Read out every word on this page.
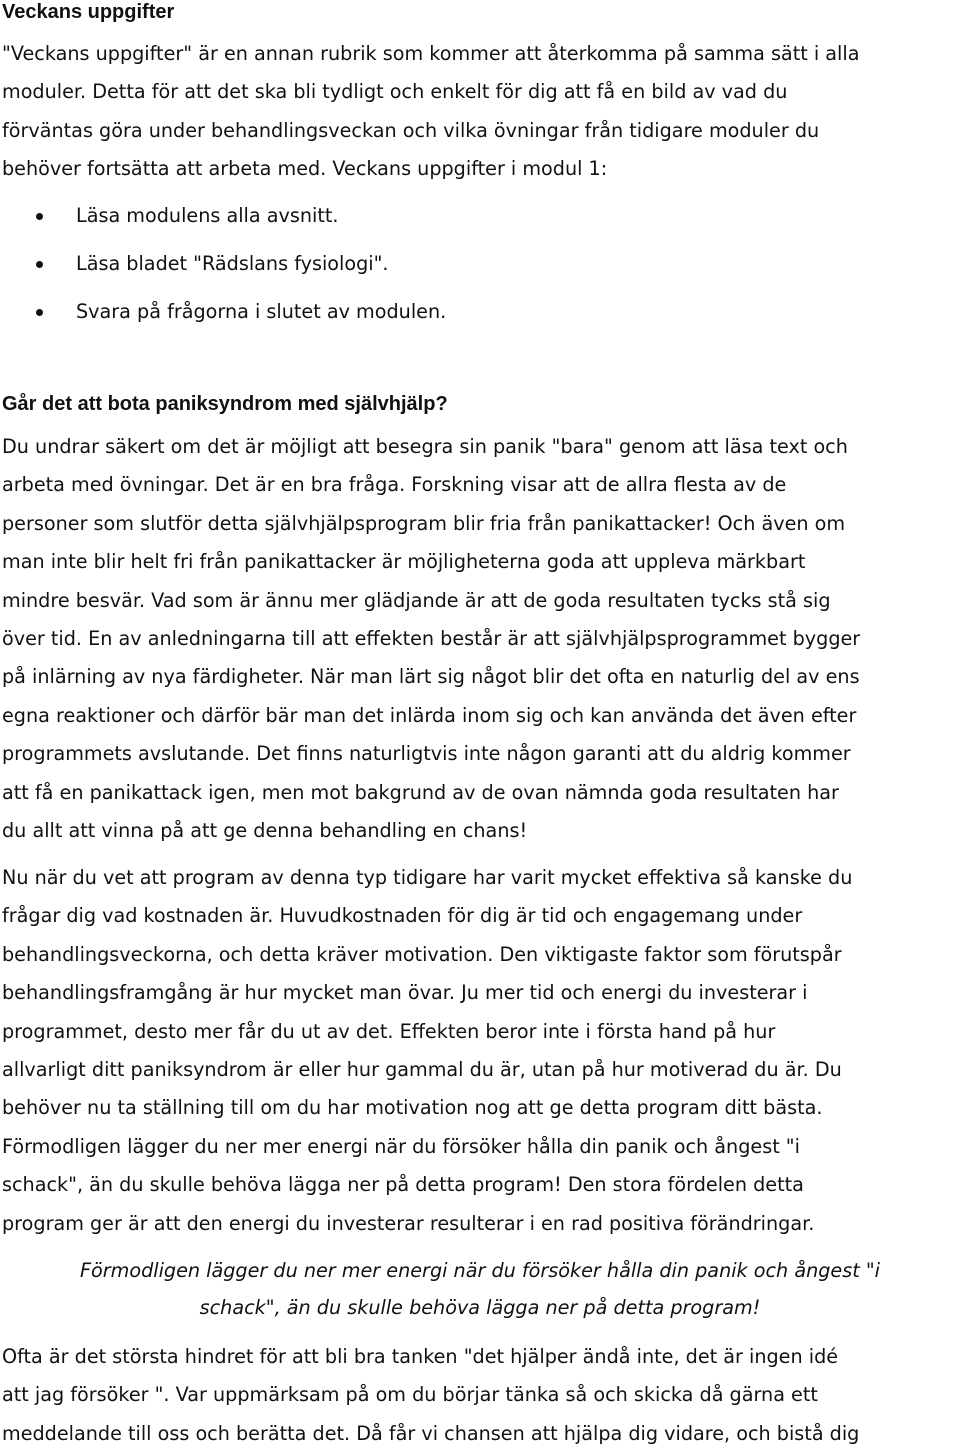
Veckans uppgifter

"Veckans uppgifter" är en annan rubrik som kommer att återkomma på samma sätt i alla
moduler. Detta för att det ska bli tydligt och enkelt för dig att få en bild av vad du
förväntas göra under behandlingsveckan och vilka övningar från tidigare moduler du
behöver fortsätta att arbeta med. Veckans uppgifter i modul 1:

Läsa modulens alla avsnitt.
Läsa bladet "Rädslans fysiologi".
Svara på frågorna i slutet av modulen.
Går det att bota paniksyndrom med självhjälp?

Du undrar säkert om det är möjligt att besegra sin panik "bara" genom att läsa text och
arbeta med övningar. Det är en bra fråga. Forskning visar att de allra flesta av de
personer som slutför detta självhjälpsprogram blir fria från panikattacker! Och även om
man inte blir helt fri från panikattacker är möjligheterna goda att uppleva märkbart
mindre besvär. Vad som är ännu mer glädjande är att de goda resultaten tycks stå sig
över tid. En av anledningarna till att effekten består är att självhjälpsprogrammet bygger
på inlärning av nya färdigheter. När man lärt sig något blir det ofta en naturlig del av ens
egna reaktioner och därför bär man det inlärda inom sig och kan använda det även efter
programmets avslutande. Det finns naturligtvis inte någon garanti att du aldrig kommer
att få en panikattack igen, men mot bakgrund av de ovan nämnda goda resultaten har
du allt att vinna på att ge denna behandling en chans!

Nu när du vet att program av denna typ tidigare har varit mycket effektiva så kanske du
frågar dig vad kostnaden är. Huvudkostnaden för dig är tid och engagemang under
behandlingsveckorna, och detta kräver motivation. Den viktigaste faktor som förutspår
behandlingsframgång är hur mycket man övar. Ju mer tid och energi du investerar i
programmet, desto mer får du ut av det. Effekten beror inte i första hand på hur
allvarligt ditt paniksyndrom är eller hur gammal du är, utan på hur motiverad du är. Du
behöver nu ta ställning till om du har motivation nog att ge detta program ditt bästa.
Förmodligen lägger du ner mer energi när du försöker hålla din panik och ångest "i
schack", än du skulle behöva lägga ner på detta program! Den stora fördelen detta
program ger är att den energi du investerar resulterar i en rad positiva förändringar.

Förmodligen lägger du ner mer energi när du försöker hålla din panik och ångest "i
schack", än du skulle behöva lägga ner på detta program!

Ofta är det största hindret för att bli bra tanken "det hjälper ändå inte, det är ingen idé
att jag försöker ". Var uppmärksam på om du börjar tänka så och skicka då gärna ett
meddelande till oss och berätta det. Då får vi chansen att hjälpa dig vidare, och bistå dig
